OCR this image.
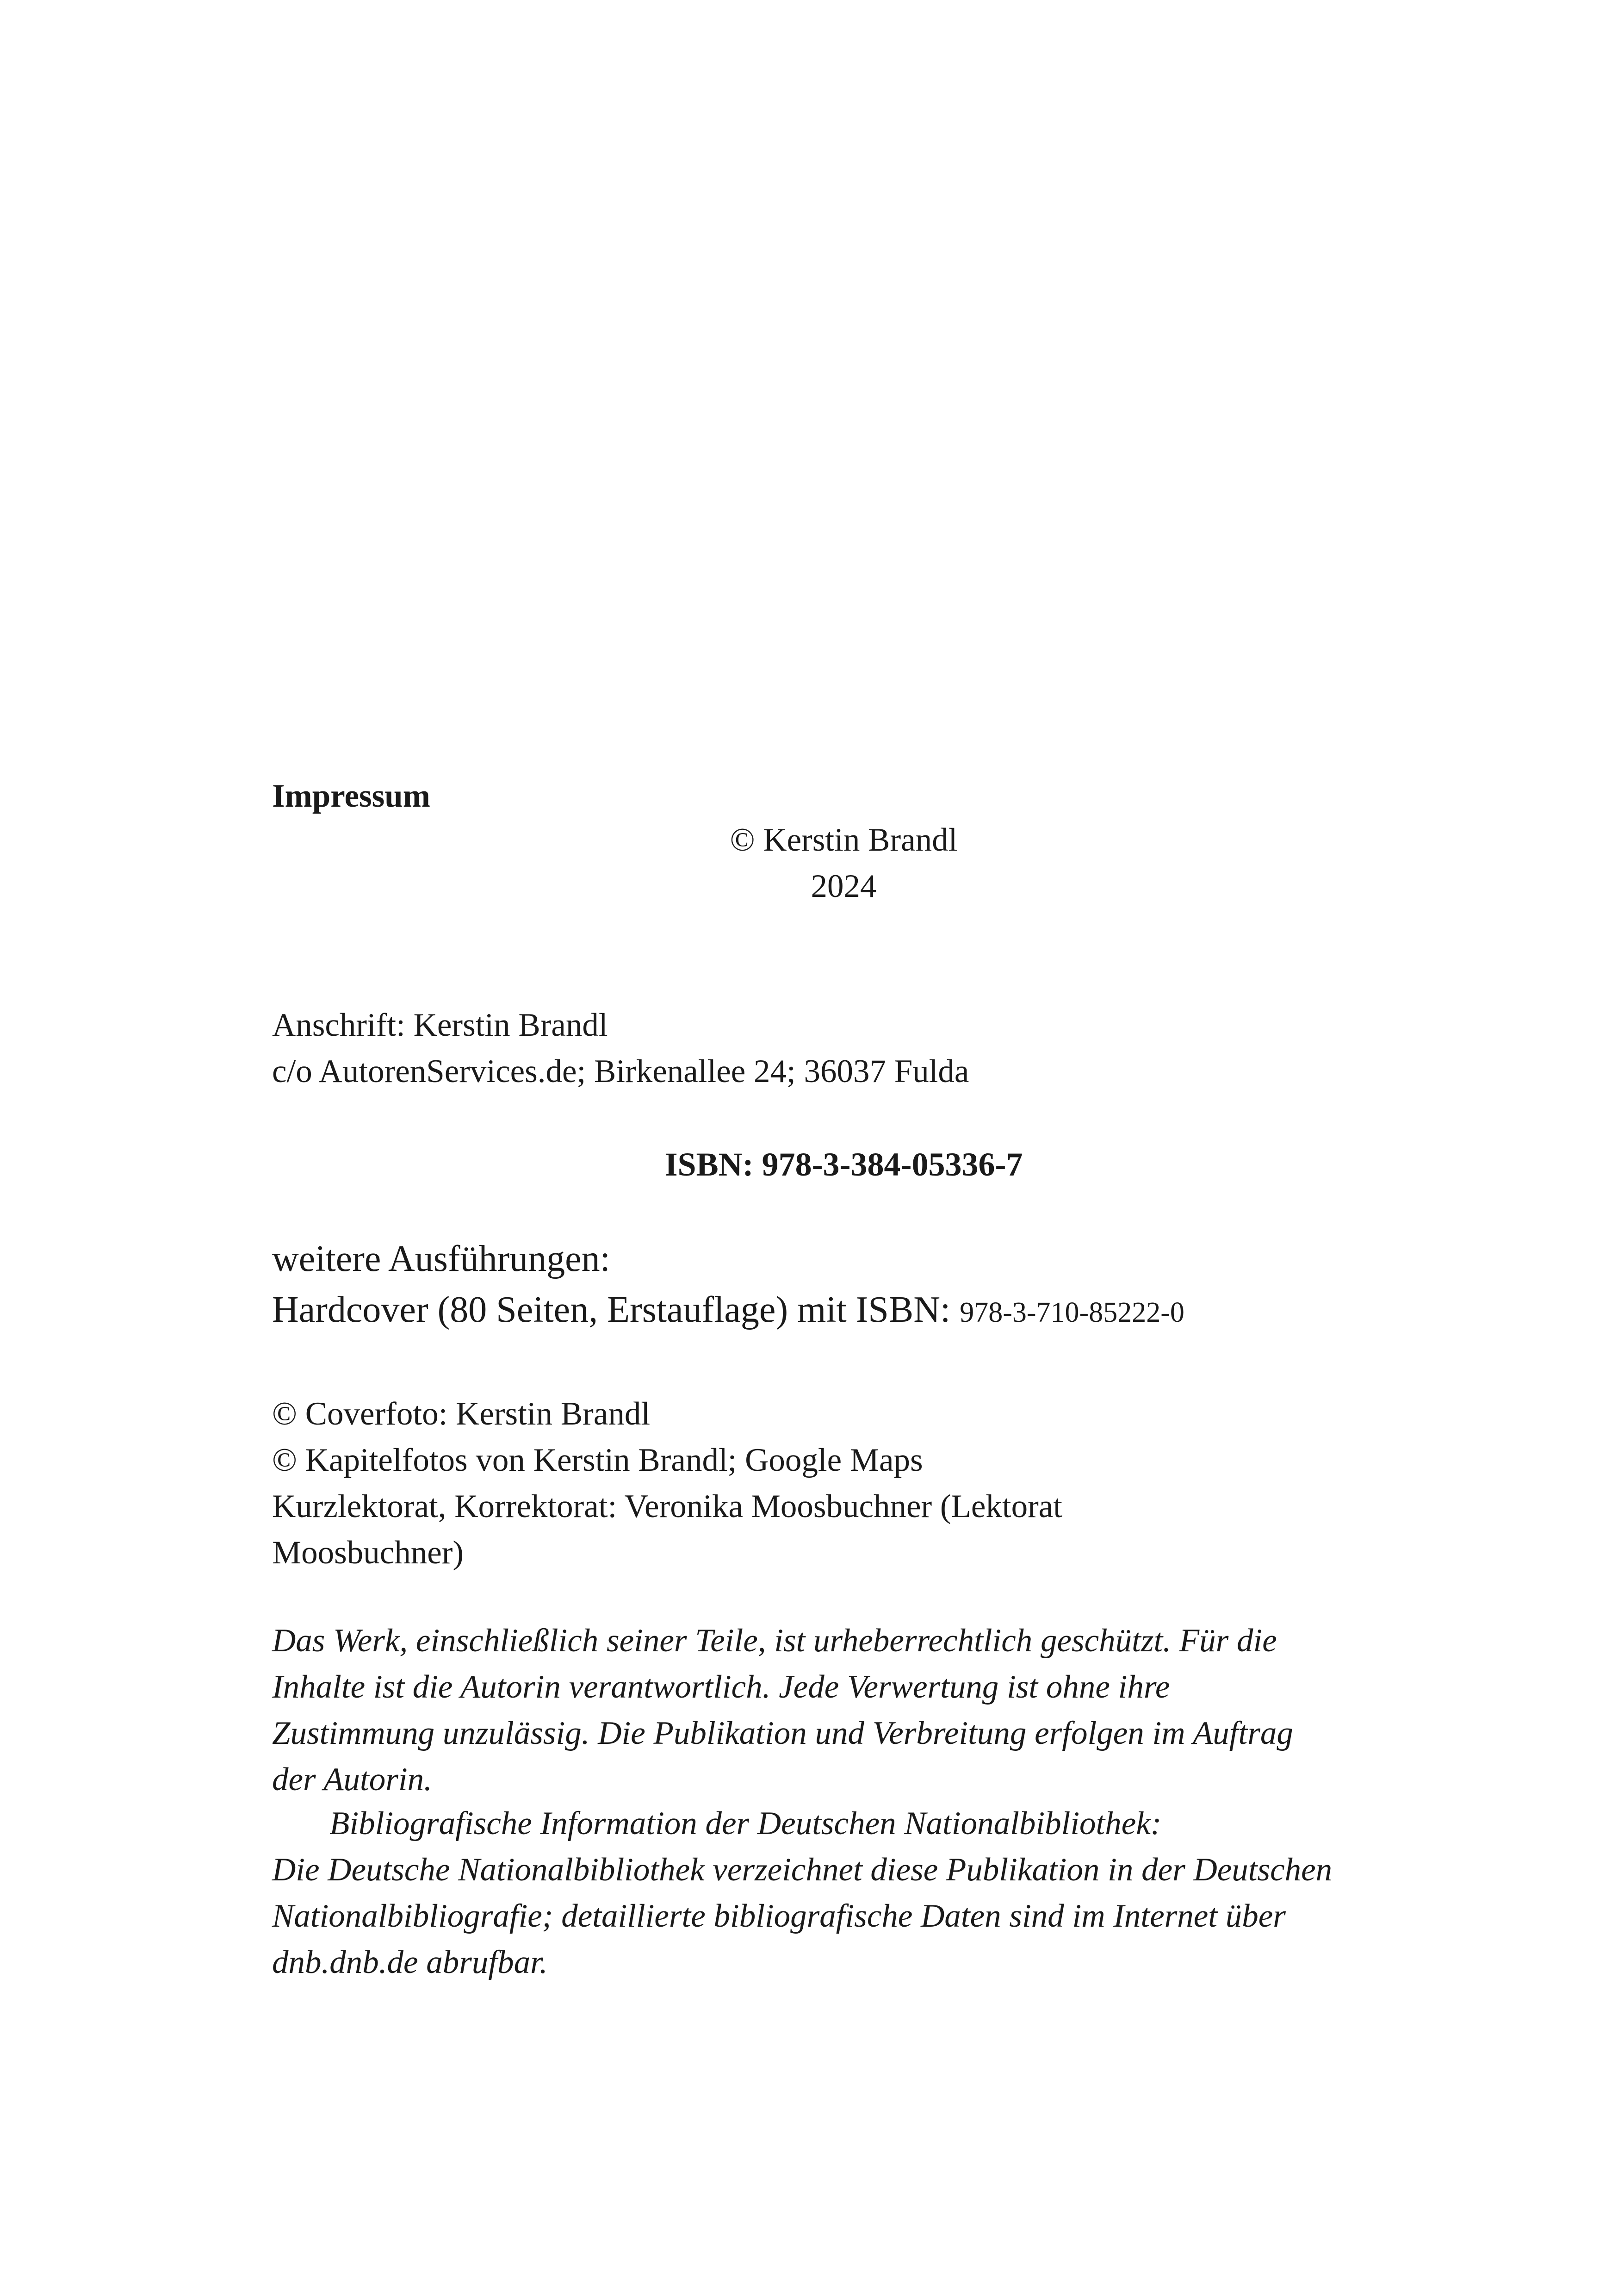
Impressum
© Kerstin Brandl
2024
Anschrift: Kerstin Brandl
c/o AutorenServices.de; Birkenallee 24; 36037 Fulda
ISBN: 978-3-384-05336-7
weitere Ausführungen:
Hardcover (80 Seiten, Erstauflage) mit ISBN: 978-3-710-85222-0
© Coverfoto: Kerstin Brandl
© Kapitelfotos von Kerstin Brandl; Google Maps
Kurzlektorat, Korrektorat: Veronika Moosbuchner (Lektorat
Moosbuchner)
Das Werk, einschließlich seiner Teile, ist urheberrechtlich geschützt. Für die
Inhalte ist die Autorin verantwortlich. Jede Verwertung ist ohne ihre
Zustimmung unzulässig. Die Publikation und Verbreitung erfolgen im Auftrag
der Autorin.
Bibliografische Information der Deutschen Nationalbibliothek:
Die Deutsche Nationalbibliothek verzeichnet diese Publikation in der Deutschen
Nationalbibliografie; detaillierte bibliografische Daten sind im Internet über
dnb.dnb.de abrufbar.
